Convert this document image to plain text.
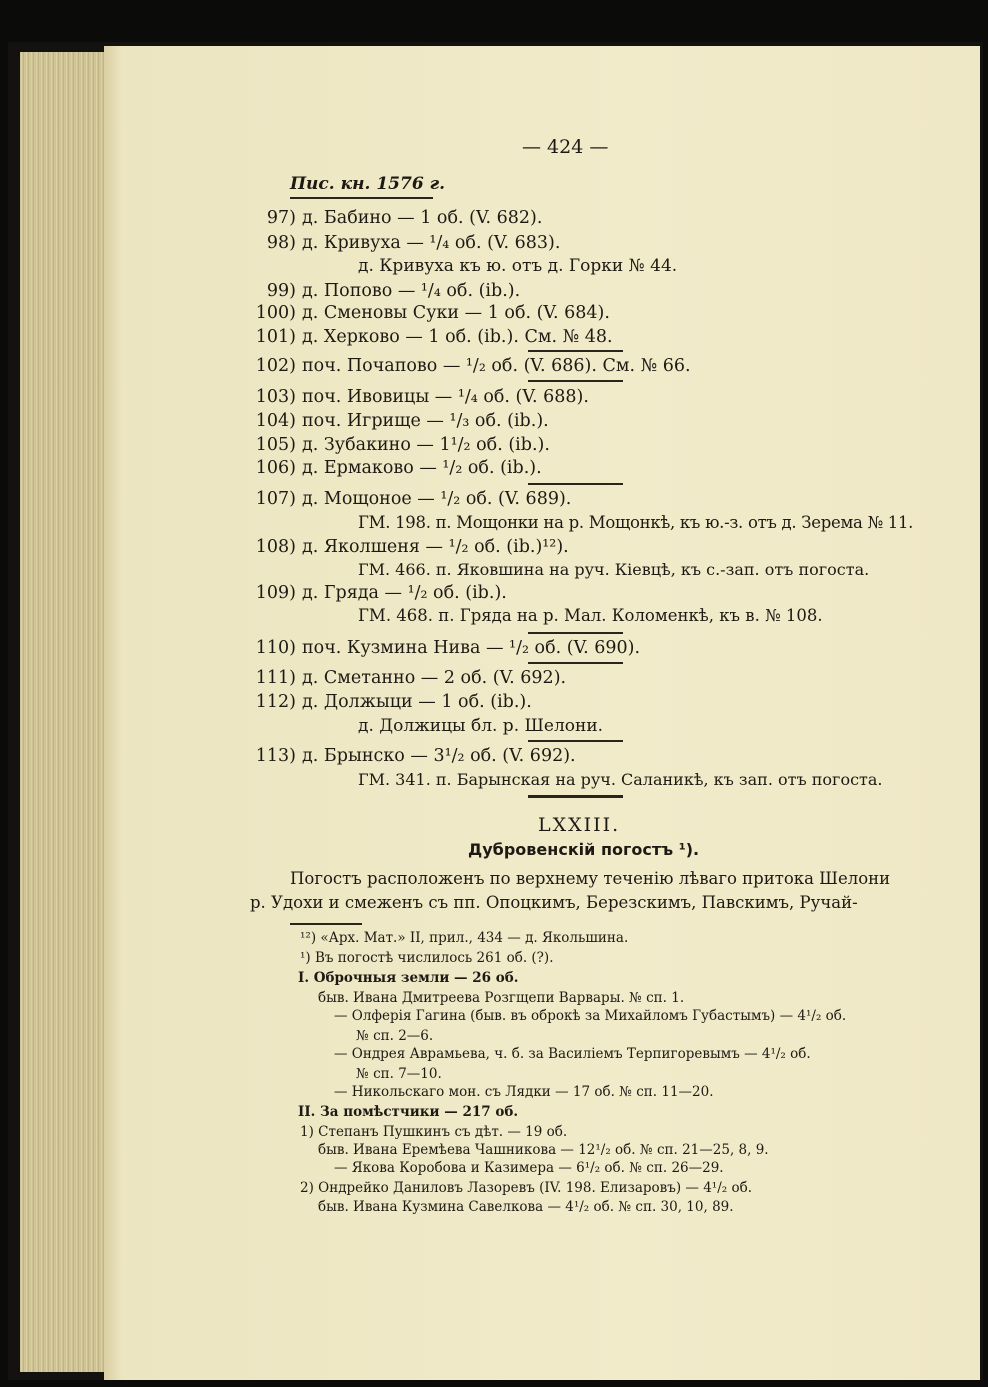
— 424 —
Пис. кн. 1576 г.
97) д. Бабино — 1 об. (V. 682).
98) д. Кривуха — ¹/₄ об. (V. 683).
д. Кривуха къ ю. отъ д. Горки № 44.
99) д. Попово — ¹/₄ об. (ib.).
100) д. Сменовы Суки — 1 об. (V. 684).
101) д. Херково — 1 об. (ib.). См. № 48.
102) поч. Почапово — ¹/₂ об. (V. 686). См. № 66.
103) поч. Ивовицы — ¹/₄ об. (V. 688).
104) поч. Игрище — ¹/₃ об. (ib.).
105) д. Зубакино — 1¹/₂ об. (ib.).
106) д. Ермаково — ¹/₂ об. (ib.).
107) д. Мощоное — ¹/₂ об. (V. 689).
ГМ. 198. п. Мощонки на р. Мощонкѣ, къ ю.-з. отъ д. Зерема № 11.
108) д. Яколшеня — ¹/₂ об. (ib.)¹²).
ГМ. 466. п. Яковшина на руч. Кіевцѣ, къ с.-зап. отъ погоста.
109) д. Гряда — ¹/₂ об. (ib.).
ГМ. 468. п. Гряда на р. Мал. Коломенкѣ, къ в. № 108.
110) поч. Кузмина Нива — ¹/₂ об. (V. 690).
111) д. Сметанно — 2 об. (V. 692).
112) д. Должыци — 1 об. (ib.).
д. Должицы бл. р. Шелони.
113) д. Брынско — 3¹/₂ об. (V. 692).
ГМ. 341. п. Барынская на руч. Саланикѣ, къ зап. отъ погоста.
LXXIII.
Дубровенскій погостъ ¹).
Погостъ расположенъ по верхнему теченію лѣваго притока Шелони
р. Удохи и смеженъ съ пп. Опоцкимъ, Березскимъ, Павскимъ, Ручай-
¹²) «Арх. Мат.» II, прил., 434 — д. Якольшина.
¹) Въ погостѣ числилось 261 об. (?).
I. Оброчныя земли — 26 об.
быв. Ивана Дмитреева Розгщепи Варвары. № сп. 1.
— Олферія Гагина (быв. въ оброкѣ за Михайломъ Губастымъ) — 4¹/₂ об.
№ сп. 2—6.
— Ондрея Аврамьева, ч. б. за Василіемъ Терпигоревымъ — 4¹/₂ об.
№ сп. 7—10.
— Никольскаго мон. съ Лядки — 17 об. № сп. 11—20.
II. За помѣстчики — 217 об.
1) Степанъ Пушкинъ съ дѣт. — 19 об.
быв. Ивана Еремѣева Чашникова — 12¹/₂ об. № сп. 21—25, 8, 9.
— Якова Коробова и Казимера — 6¹/₂ об. № сп. 26—29.
2) Ондрейко Даниловъ Лазоревъ (IV. 198. Елизаровъ) — 4¹/₂ об.
быв. Ивана Кузмина Савелкова — 4¹/₂ об. № сп. 30, 10, 89.
